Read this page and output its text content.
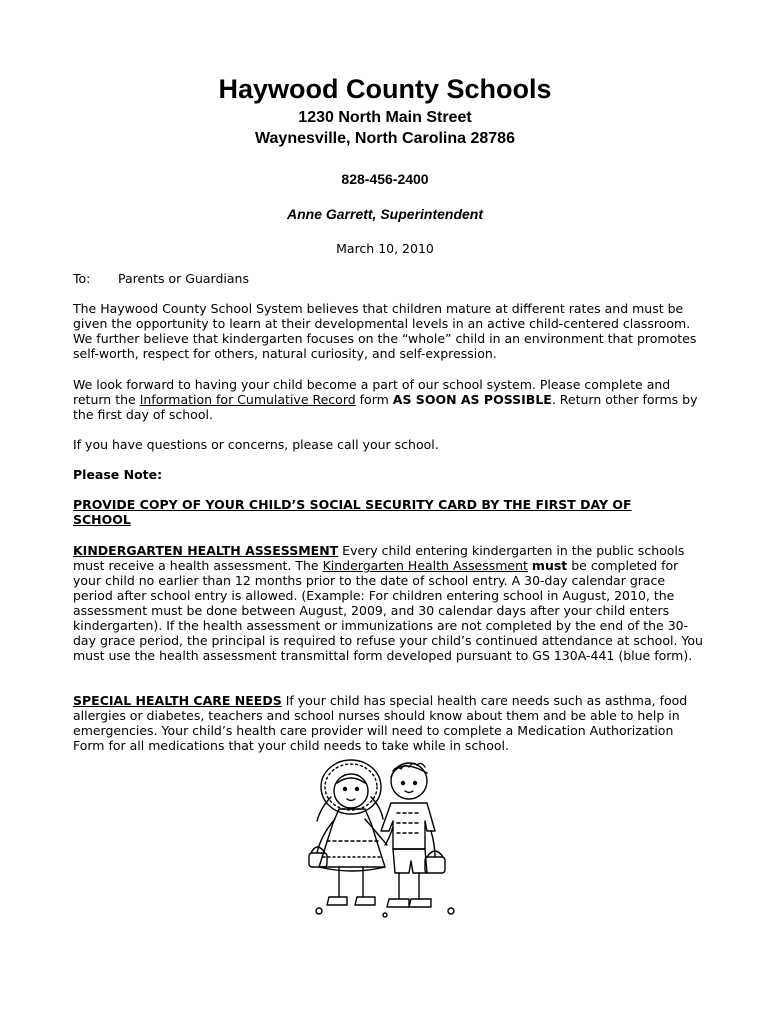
Haywood County Schools
1230 North Main Street
Waynesville, North Carolina 28786
828-456-2400
Anne Garrett, Superintendent
March 10, 2010
To: Parents or Guardians
The Haywood County School System believes that children mature at different rates and must be given the opportunity to learn at their developmental levels in an active child-centered classroom. We further believe that kindergarten focuses on the “whole” child in an environment that promotes self-worth, respect for others, natural curiosity, and self-expression.
We look forward to having your child become a part of our school system. Please complete and return the Information for Cumulative Record form AS SOON AS POSSIBLE. Return other forms by the first day of school.
If you have questions or concerns, please call your school.
Please Note:
PROVIDE COPY OF YOUR CHILD’S SOCIAL SECURITY CARD BY THE FIRST DAY OF SCHOOL
KINDERGARTEN HEALTH ASSESSMENT Every child entering kindergarten in the public schools must receive a health assessment. The Kindergarten Health Assessment must be completed for your child no earlier than 12 months prior to the date of school entry. A 30-day calendar grace period after school entry is allowed. (Example: For children entering school in August, 2010, the assessment must be done between August, 2009, and 30 calendar days after your child enters kindergarten). If the health assessment or immunizations are not completed by the end of the 30-day grace period, the principal is required to refuse your child’s continued attendance at school. You must use the health assessment transmittal form developed pursuant to GS 130A-441 (blue form).
SPECIAL HEALTH CARE NEEDS If your child has special health care needs such as asthma, food allergies or diabetes, teachers and school nurses should know about them and be able to help in emergencies. Your child’s health care provider will need to complete a Medication Authorization Form for all medications that your child needs to take while in school.
